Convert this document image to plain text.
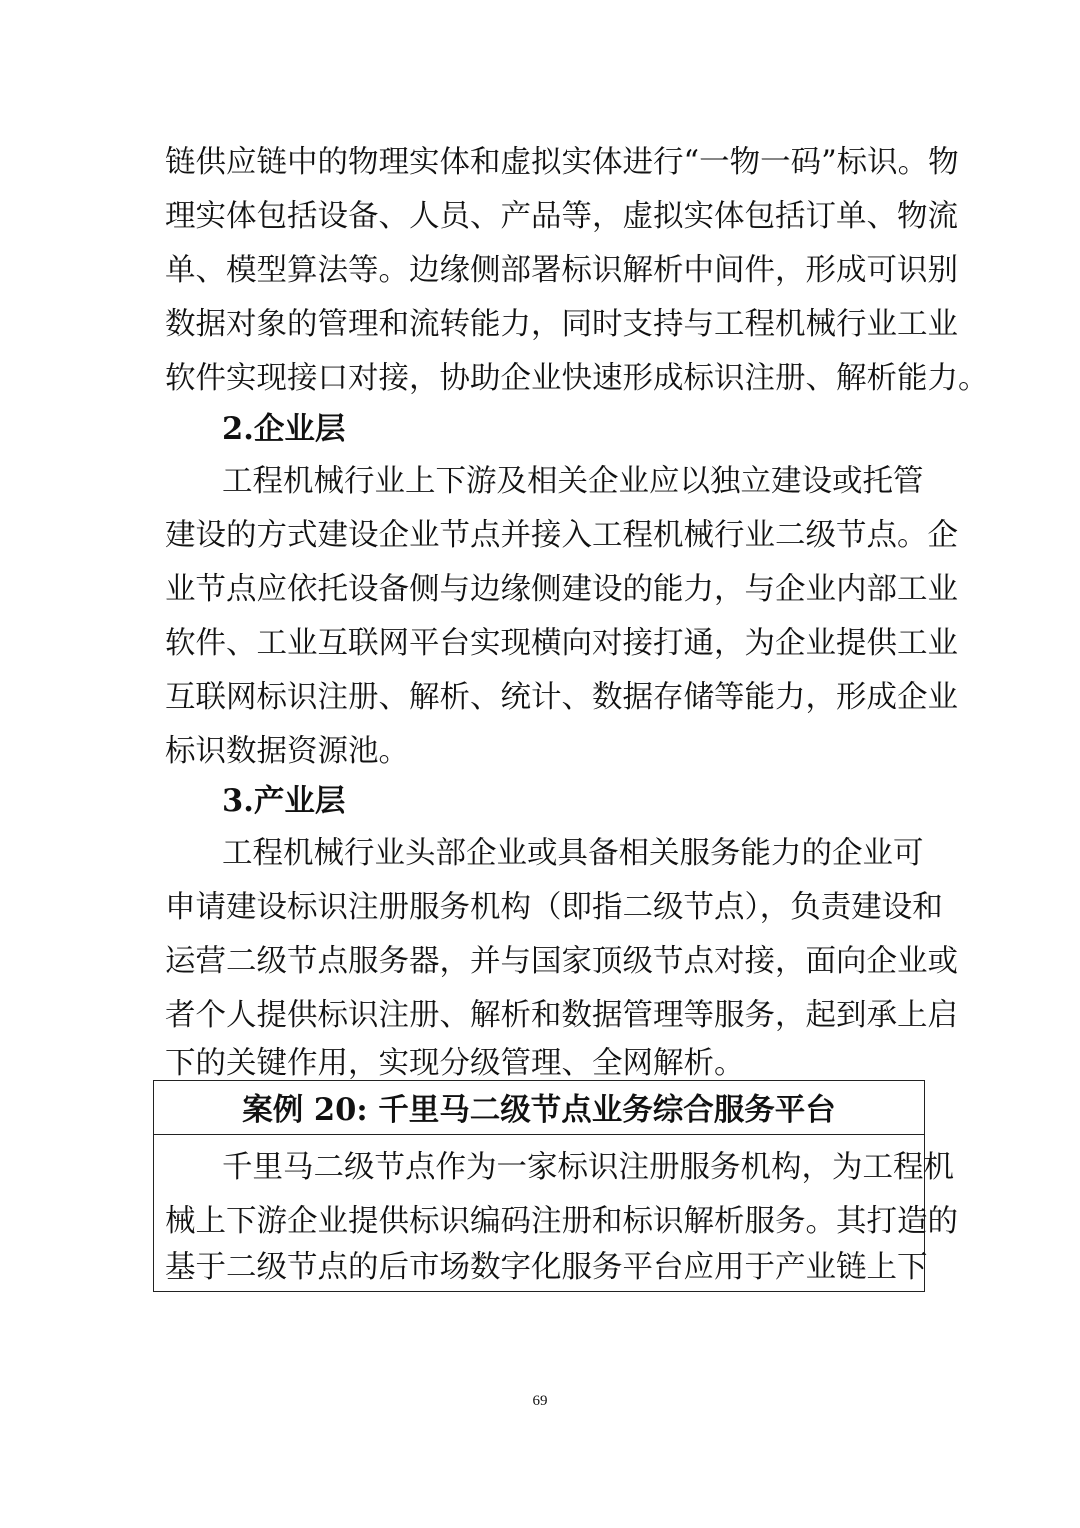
链供应链中的物理实体和虚拟实体进行“一物一码”标识。物
理实体包括设备、人员、产品等，虚拟实体包括订单、物流
单、模型算法等。边缘侧部署标识解析中间件，形成可识别
数据对象的管理和流转能力，同时支持与工程机械行业工业
软件实现接口对接，协助企业快速形成标识注册、解析能力。
2.企业层
工程机械行业上下游及相关企业应以独立建设或托管
建设的方式建设企业节点并接入工程机械行业二级节点。企
业节点应依托设备侧与边缘侧建设的能力，与企业内部工业
软件、工业互联网平台实现横向对接打通，为企业提供工业
互联网标识注册、解析、统计、数据存储等能力，形成企业
标识数据资源池。
3.产业层
工程机械行业头部企业或具备相关服务能力的企业可
申请建设标识注册服务机构（即指二级节点），负责建设和
运营二级节点服务器，并与国家顶级节点对接，面向企业或
者个人提供标识注册、解析和数据管理等服务，起到承上启
下的关键作用，实现分级管理、全网解析。
案例 20: 千里马二级节点业务综合服务平台
千里马二级节点作为一家标识注册服务机构，为工程机
械上下游企业提供标识编码注册和标识解析服务。其打造的
基于二级节点的后市场数字化服务平台应用于产业链上下
69
